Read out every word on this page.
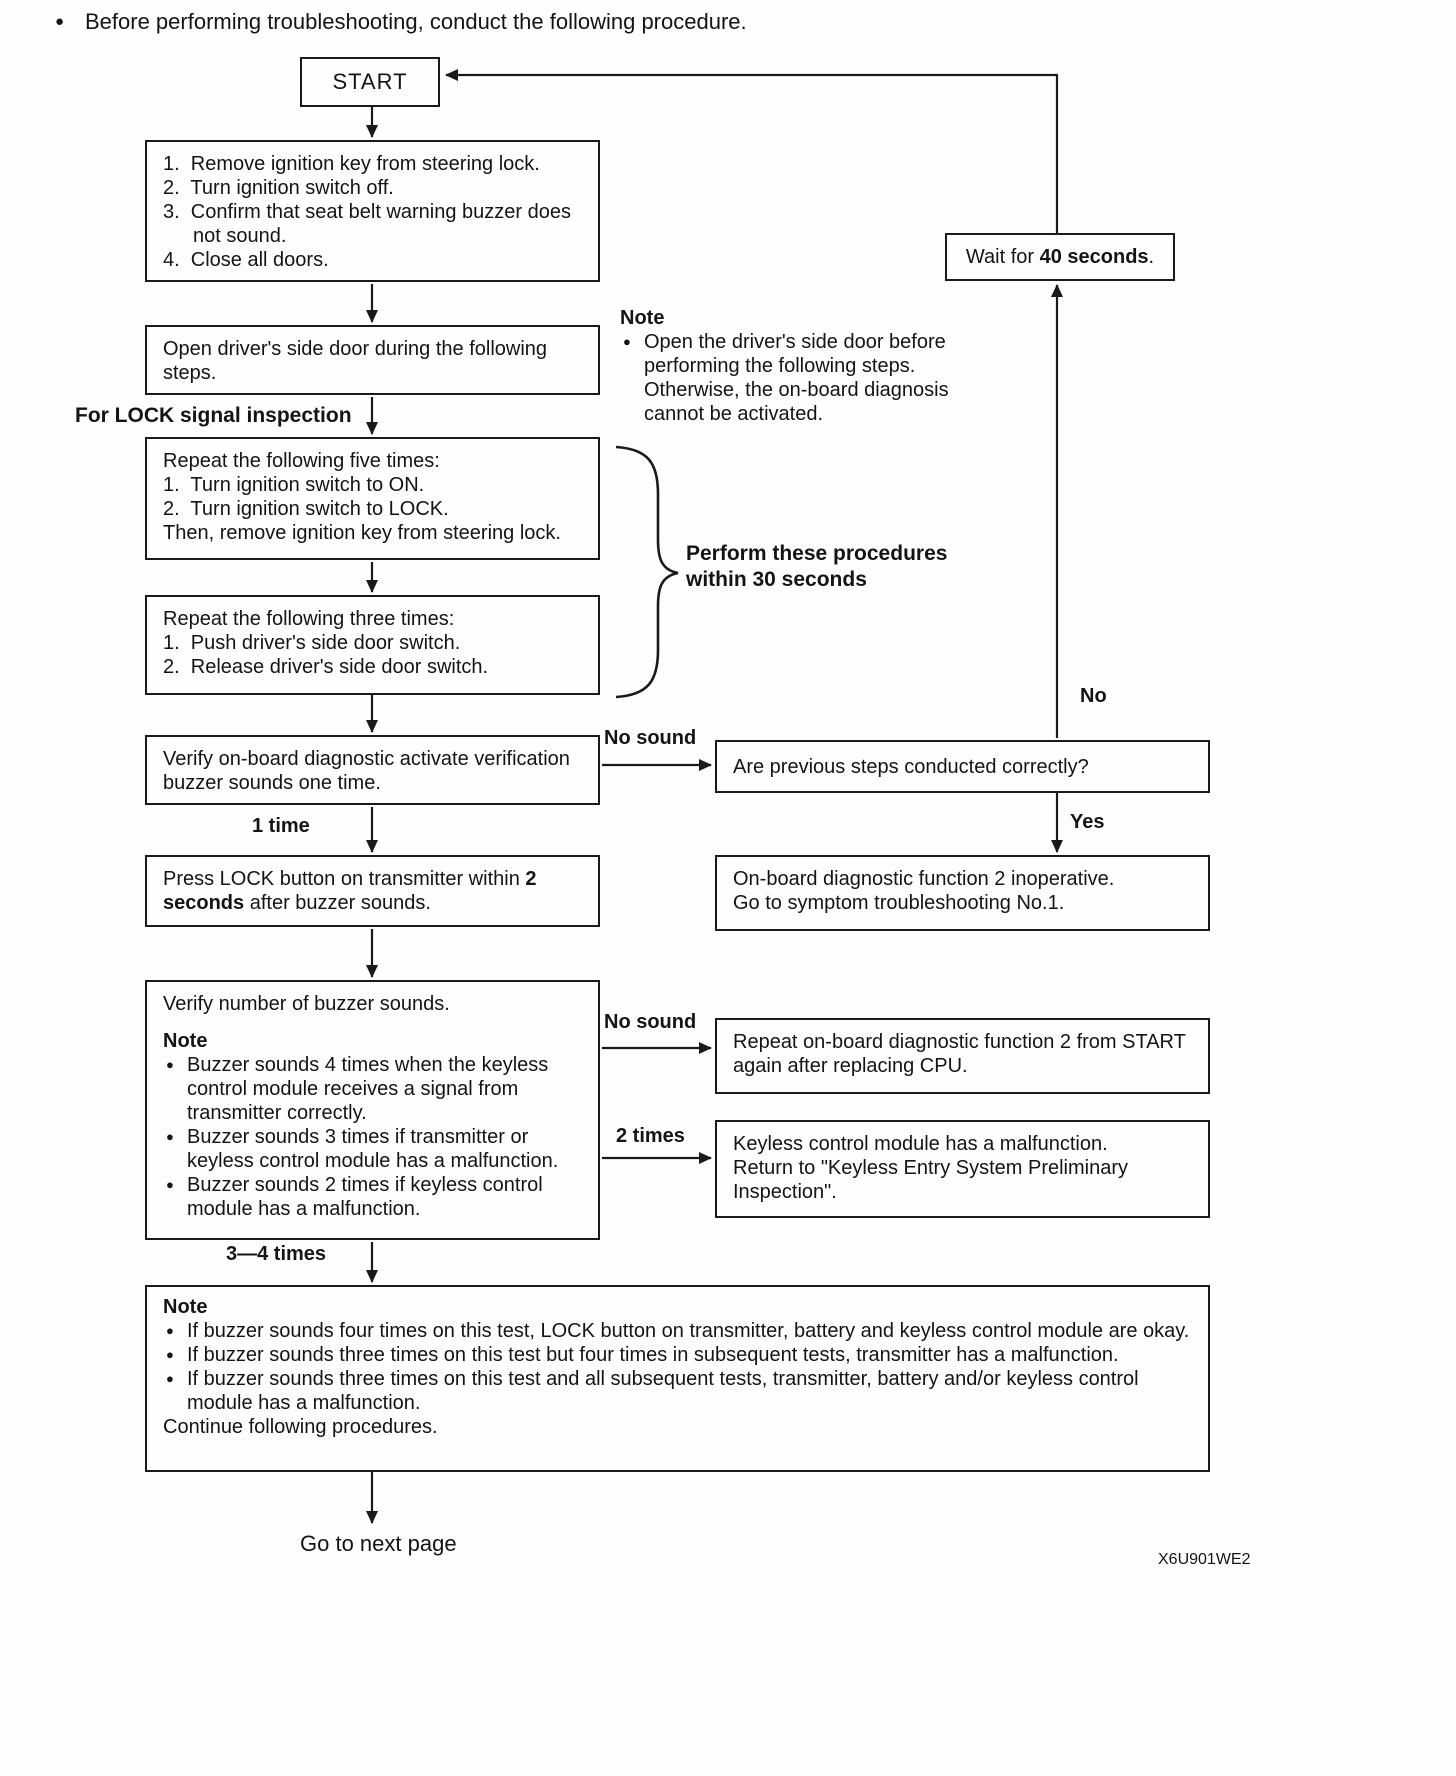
● Before performing troubleshooting, conduct the following procedure.
START
1.  Remove ignition key from steering lock.
2.  Turn ignition switch off.
3.  Confirm that seat belt warning buzzer does not sound.
4.  Close all doors.	Wait for 40 seconds.
Open driver's side door during the following steps.
Note
● Open the driver's side door before performing the following steps. Otherwise, the on-board diagnosis cannot be activated.
For LOCK signal inspection
Repeat the following five times:
1.  Turn ignition switch to ON.
2.  Turn ignition switch to LOCK.
Then, remove ignition key from steering lock.
Repeat the following three times:
1.  Push driver's side door switch.
2.  Release driver's side door switch.
Perform these procedures
within 30 seconds
Verify on-board diagnostic activate verification buzzer sounds one time.
No sound
1 time
No
Yes
No sound
2 times
3—4 times
Are previous steps conducted correctly?
On-board diagnostic function 2 inoperative.
Go to symptom troubleshooting No.1.
Press LOCK button on transmitter within 2 seconds after buzzer sounds.
Verify number of buzzer sounds.
Note
● Buzzer sounds 4 times when the keyless control module receives a signal from transmitter correctly.
● Buzzer sounds 3 times if transmitter or keyless control module has a malfunction.
● Buzzer sounds 2 times if keyless control module has a malfunction.
Repeat on-board diagnostic function 2 from START again after replacing CPU.
Keyless control module has a malfunction.
Return to "Keyless Entry System Preliminary Inspection".
Note
● If buzzer sounds four times on this test, LOCK button on transmitter, battery and keyless control module are okay.
● If buzzer sounds three times on this test but four times in subsequent tests, transmitter has a malfunction.
● If buzzer sounds three times on this test and all subsequent tests, transmitter, battery and/or keyless control module has a malfunction.
Continue following procedures.
Go to next page
X6U901WE2
